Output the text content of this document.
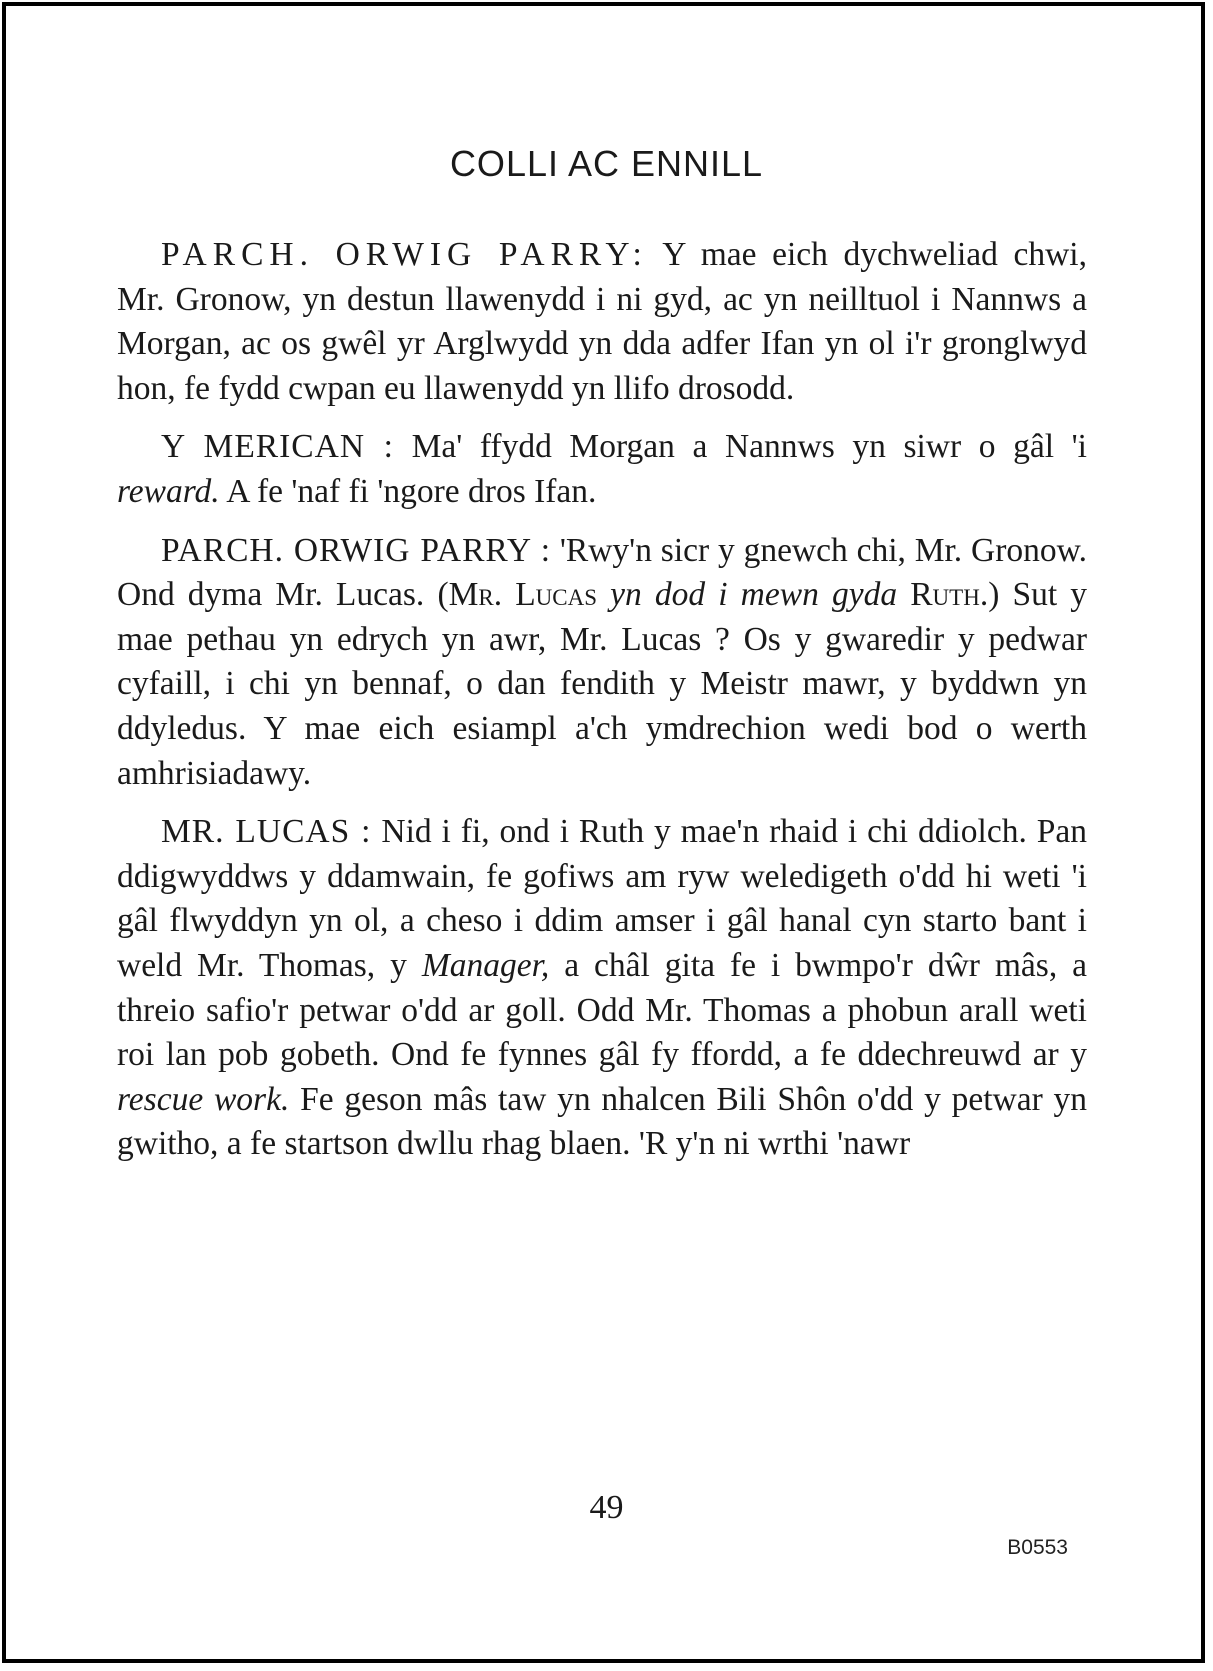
COLLI AC ENNILL

PARCH. ORWIG PARRY: Y mae eich dychweliad chwi, Mr. Gronow, yn destun llawenydd i ni gyd, ac yn neilltuol i Nannws a Morgan, ac os gwêl yr Arglwydd yn dda adfer Ifan yn ol i'r gronglwyd hon, fe fydd cwpan eu llawenydd yn llifo drosodd.

Y MERICAN : Ma' ffydd Morgan a Nannws yn siwr o gâl 'i reward. A fe 'naf fi 'ngore dros Ifan.

PARCH. ORWIG PARRY : 'Rwy'n sicr y gnewch chi, Mr. Gronow. Ond dyma Mr. Lucas. (Mr. Lucas yn dod i mewn gyda Ruth.) Sut y mae pethau yn edrych yn awr, Mr. Lucas ? Os y gwaredir y pedwar cyfaill, i chi yn bennaf, o dan fendith y Meistr mawr, y byddwn yn ddyledus. Y mae eich esiampl a'ch ymdrechion wedi bod o werth amhrisiadawy.

MR. LUCAS : Nid i fi, ond i Ruth y mae'n rhaid i chi ddiolch. Pan ddigwyddws y ddamwain, fe gofiws am ryw weledigeth o'dd hi weti 'i gâl flwyddyn yn ol, a cheso i ddim amser i gâl hanal cyn starto bant i weld Mr. Thomas, y Manager, a châl gita fe i bwmpo'r dŵr mâs, a threio safio'r petwar o'dd ar goll. Odd Mr. Thomas a phobun arall weti roi lan pob gobeth. Ond fe fynnes gâl fy ffordd, a fe ddechreuwd ar y rescue work. Fe geson mâs taw yn nhalcen Bili Shôn o'dd y petwar yn gwitho, a fe startson dwllu rhag blaen. 'R y'n ni wrthi 'nawr

49
B0553
